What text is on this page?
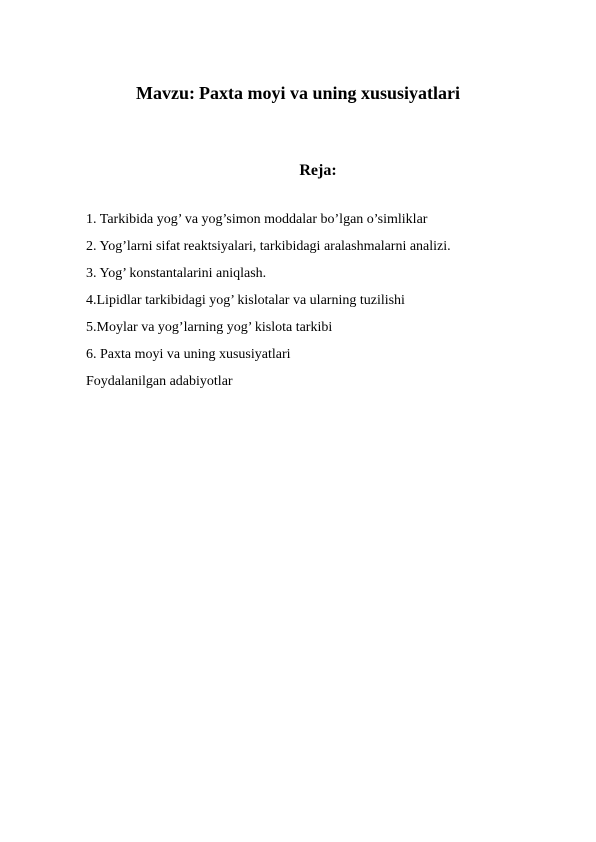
Mavzu: Paxta moyi va uning xususiyatlari
Reja:
1. Tarkibida yog’ va yog’simon moddalar bo’lgan o’simliklar
2. Yog’larni sifat reaktsiyalari, tarkibidagi aralashmalarni analizi.
3. Yog’ konstantalarini aniqlash.
4.Lipidlar tarkibidagi yog’ kislotalar va ularning tuzilishi
5.Moylar va yog’larning yog’ kislota tarkibi
6. Paxta moyi va uning xususiyatlari
Foydalanilgan adabiyotlar
